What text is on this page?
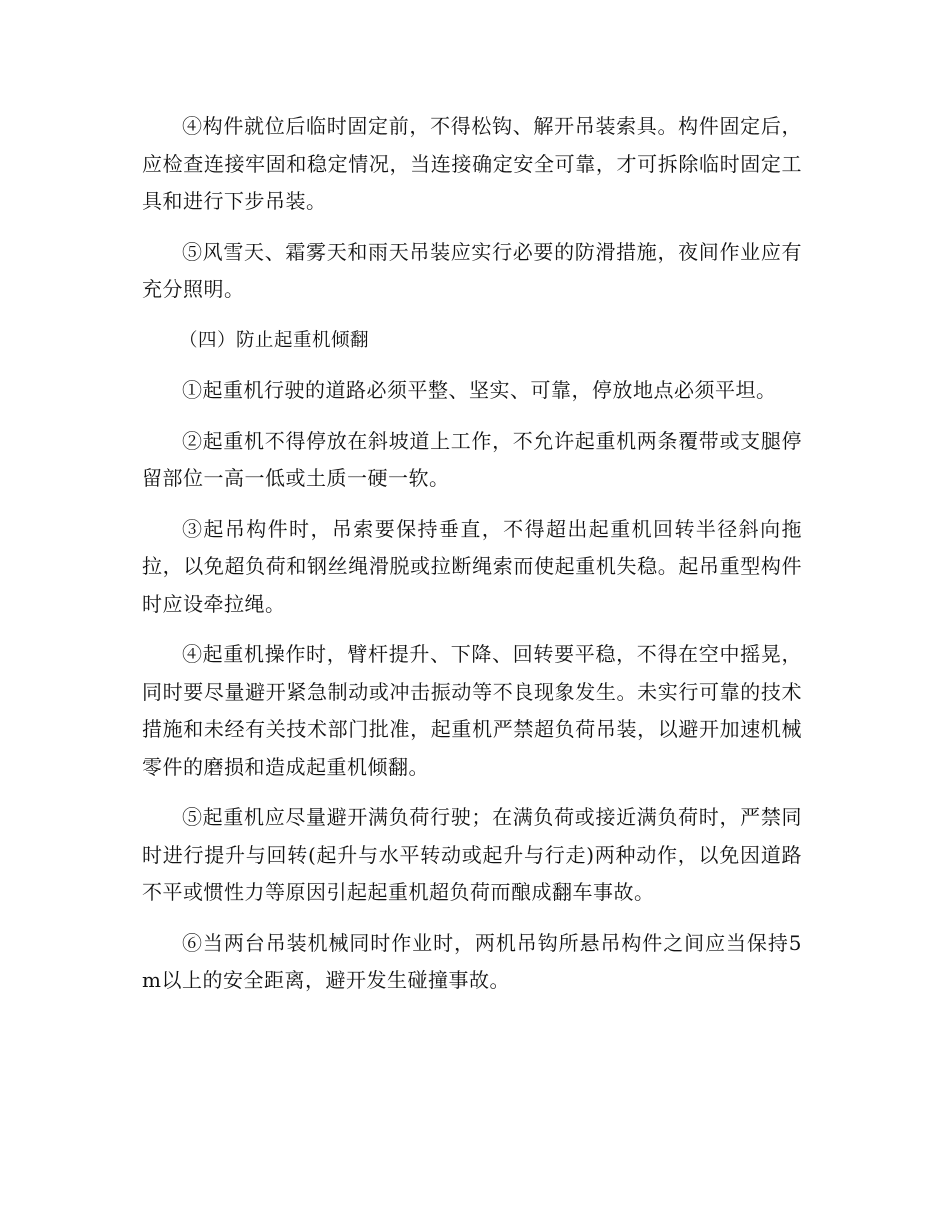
④构件就位后临时固定前，不得松钩、解开吊装索具。构件固定后，应检查连接牢固和稳定情况，当连接确定安全可靠，才可拆除临时固定工具和进行下步吊装。

⑤风雪天、霜雾天和雨天吊装应实行必要的防滑措施，夜间作业应有充分照明。

（四）防止起重机倾翻

①起重机行驶的道路必须平整、坚实、可靠，停放地点必须平坦。

②起重机不得停放在斜坡道上工作，不允许起重机两条覆带或支腿停留部位一高一低或土质一硬一软。

③起吊构件时，吊索要保持垂直，不得超出起重机回转半径斜向拖拉，以免超负荷和钢丝绳滑脱或拉断绳索而使起重机失稳。起吊重型构件时应设牵拉绳。

④起重机操作时，臂杆提升、下降、回转要平稳，不得在空中摇晃，同时要尽量避开紧急制动或冲击振动等不良现象发生。未实行可靠的技术措施和未经有关技术部门批准，起重机严禁超负荷吊装，以避开加速机械零件的磨损和造成起重机倾翻。

⑤起重机应尽量避开满负荷行驶；在满负荷或接近满负荷时，严禁同时进行提升与回转(起升与水平转动或起升与行走)两种动作，以免因道路不平或惯性力等原因引起起重机超负荷而酿成翻车事故。

⑥当两台吊装机械同时作业时，两机吊钩所悬吊构件之间应当保持5m以上的安全距离，避开发生碰撞事故。
